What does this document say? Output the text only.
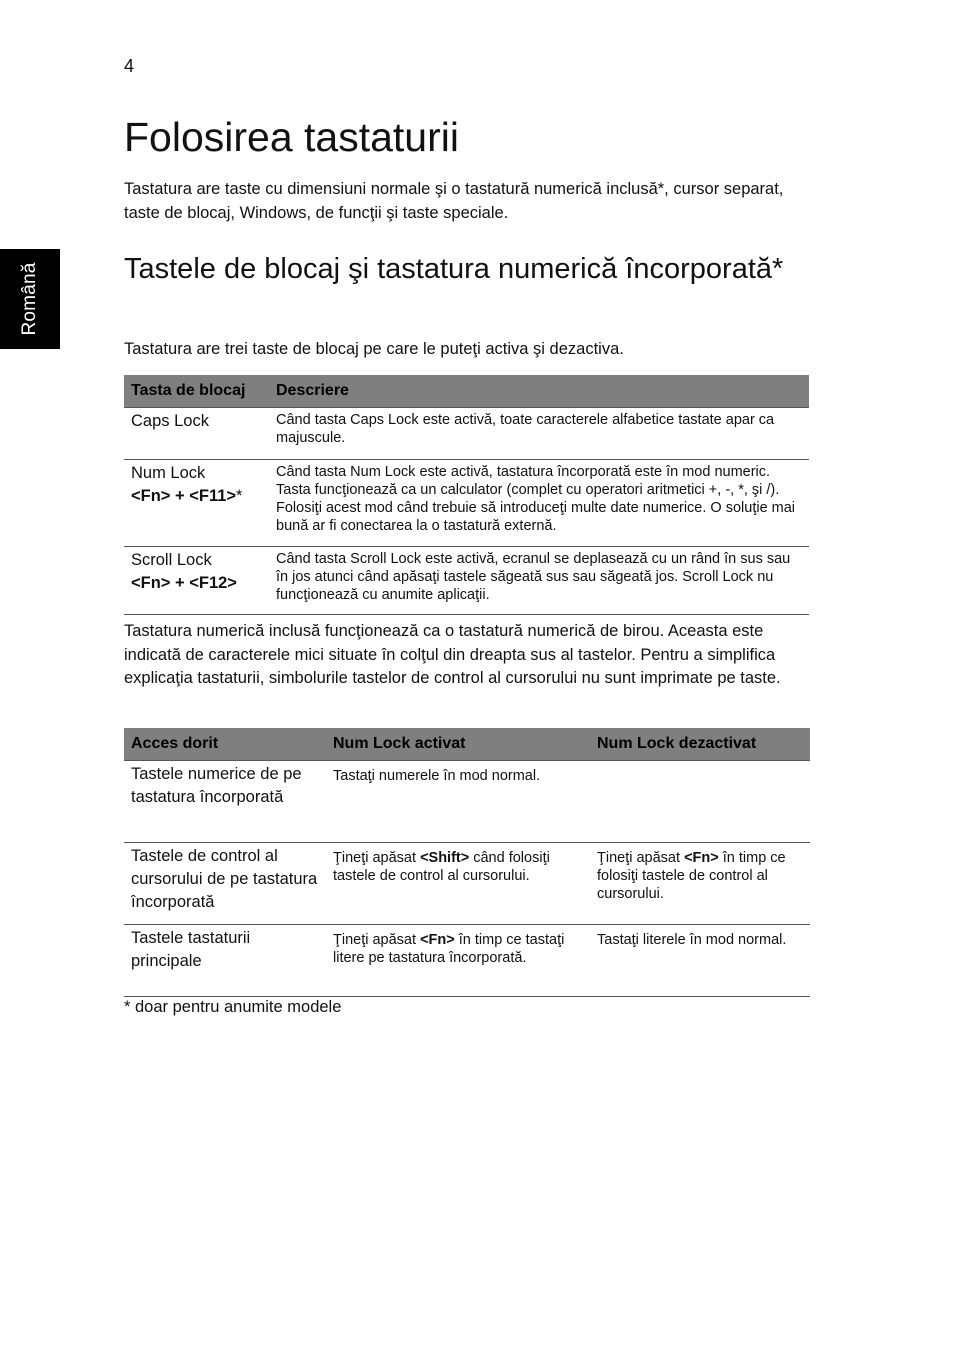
4
Română
Folosirea tastaturii

Tastatura are taste cu dimensiuni normale şi o tastatură numerică inclusă*, cursor separat, taste de blocaj, Windows, de funcţii şi taste speciale.

Tastele de blocaj şi tastatura numerică încorporată*

Tastatura are trei taste de blocaj pe care le puteţi activa şi dezactiva.

Tasta de blocaj	Descriere

Caps Lock	Când tasta Caps Lock este activă, toate caracterele alfabetice tastate apar ca majuscule.

Num Lock
<Fn> + <F11>*	Când tasta Num Lock este activă, tastatura încorporată este în mod numeric. Tasta funcţionează ca un calculator (complet cu operatori aritmetici +, -, *, şi /). Folosiţi acest mod când trebuie să introduceţi multe date numerice. O soluţie mai bună ar fi conectarea la o tastatură externă.

Scroll Lock
<Fn> + <F12>	Când tasta Scroll Lock este activă, ecranul se deplasează cu un rând în sus sau în jos atunci când apăsaţi tastele săgeată sus sau săgeată jos. Scroll Lock nu funcţionează cu anumite aplicaţii.

Tastatura numerică inclusă funcţionează ca o tastatură numerică de birou. Aceasta este indicată de caracterele mici situate în colţul din dreapta sus al tastelor. Pentru a simplifica explicaţia tastaturii, simbolurile tastelor de control al cursorului nu sunt imprimate pe taste.

Acces dorit	Num Lock activat	Num Lock dezactivat
Tastele numerice de pe tastatura încorporată	Tastaţi numerele în mod normal.	
Tastele de control al cursorului de pe tastatura încorporată	Ţineţi apăsat <Shift> când folosiţi tastele de control al cursorului.	Ţineţi apăsat <Fn> în timp ce folosiţi tastele de control al cursorului.
Tastele tastaturii principale	Ţineţi apăsat <Fn> în timp ce tastaţi litere pe tastatura încorporată.	Tastaţi literele în mod normal.

* doar pentru anumite modele
